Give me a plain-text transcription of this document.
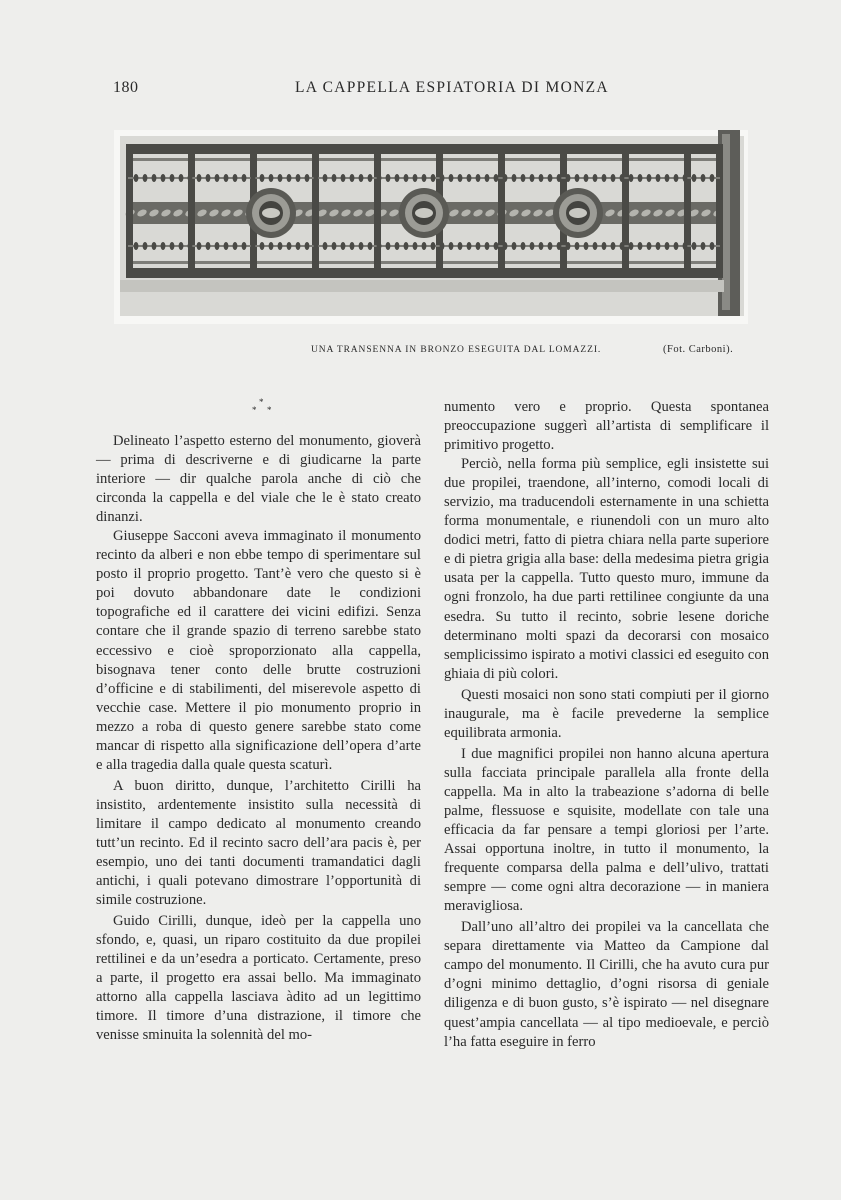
180	LA CAPPELLA ESPIATORIA DI MONZA
UNA TRANSENNA IN BRONZO ESEGUITA DAL LOMAZZI.	(Fot. Carboni).
*
* *

Delineato l’aspetto esterno del monumento, gioverà — prima di descriverne e di giudicarne la parte interiore — dir qualche parola anche di ciò che circonda la cappella e del viale che le è stato creato dinanzi.

Giuseppe Sacconi aveva immaginato il monumento recinto da alberi e non ebbe tempo di sperimentare sul posto il proprio progetto. Tant’è vero che questo si è poi dovuto abbandonare date le condizioni topografiche ed il carattere dei vicini edifizi. Senza contare che il grande spazio di terreno sarebbe stato eccessivo e cioè sproporzionato alla cappella, bisognava tener conto delle brutte costruzioni d’officine e di stabilimenti, del miserevole aspetto di vecchie case. Mettere il pio monumento proprio in mezzo a roba di questo genere sarebbe stato come mancar di rispetto alla significazione dell’opera d’arte e alla tragedia dalla quale questa scaturì.

A buon diritto, dunque, l’architetto Cirilli ha insistito, ardentemente insistito sulla necessità di limitare il campo dedicato al monumento creando tutt’un recinto. Ed il recinto sacro dell’ara pacis è, per esempio, uno dei tanti documenti tramandatici dagli antichi, i quali potevano dimostrare l’opportunità di simile costruzione.

Guido Cirilli, dunque, ideò per la cappella uno sfondo, e, quasi, un riparo costituito da due propilei rettilinei e da un’esedra a porticato. Certamente, preso a parte, il progetto era assai bello. Ma immaginato attorno alla cappella lasciava àdito ad un legittimo timore. Il timore d’una distrazione, il timore che venisse sminuita la solennità del mo-

numento vero e proprio. Questa spontanea preoccupazione suggerì all’artista di semplificare il primitivo progetto.

Perciò, nella forma più semplice, egli insistette sui due propilei, traendone, all’interno, comodi locali di servizio, ma traducendoli esternamente in una schietta forma monumentale, e riunendoli con un muro alto dodici metri, fatto di pietra chiara nella parte superiore e di pietra grigia alla base: della medesima pietra grigia usata per la cappella. Tutto questo muro, immune da ogni fronzolo, ha due parti rettilinee congiunte da una esedra. Su tutto il recinto, sobrie lesene doriche determinano molti spazi da decorarsi con mosaico semplicissimo ispirato a motivi classici ed eseguito con ghiaia di più colori.

Questi mosaici non sono stati compiuti per il giorno inaugurale, ma è facile prevederne la semplice equilibrata armonia.

I due magnifici propilei non hanno alcuna apertura sulla facciata principale parallela alla fronte della cappella. Ma in alto la trabeazione s’adorna di belle palme, flessuose e squisite, modellate con tale una efficacia da far pensare a tempi gloriosi per l’arte. Assai opportuna inoltre, in tutto il monumento, la frequente comparsa della palma e dell’ulivo, trattati sempre — come ogni altra decorazione — in maniera meravigliosa.

Dall’uno all’altro dei propilei va la cancellata che separa direttamente via Matteo da Campione dal campo del monumento. Il Cirilli, che ha avuto cura pur d’ogni minimo dettaglio, d’ogni risorsa di geniale diligenza e di buon gusto, s’è ispirato — nel disegnare quest’ampia cancellata — al tipo medioevale, e perciò l’ha fatta eseguire in ferro
